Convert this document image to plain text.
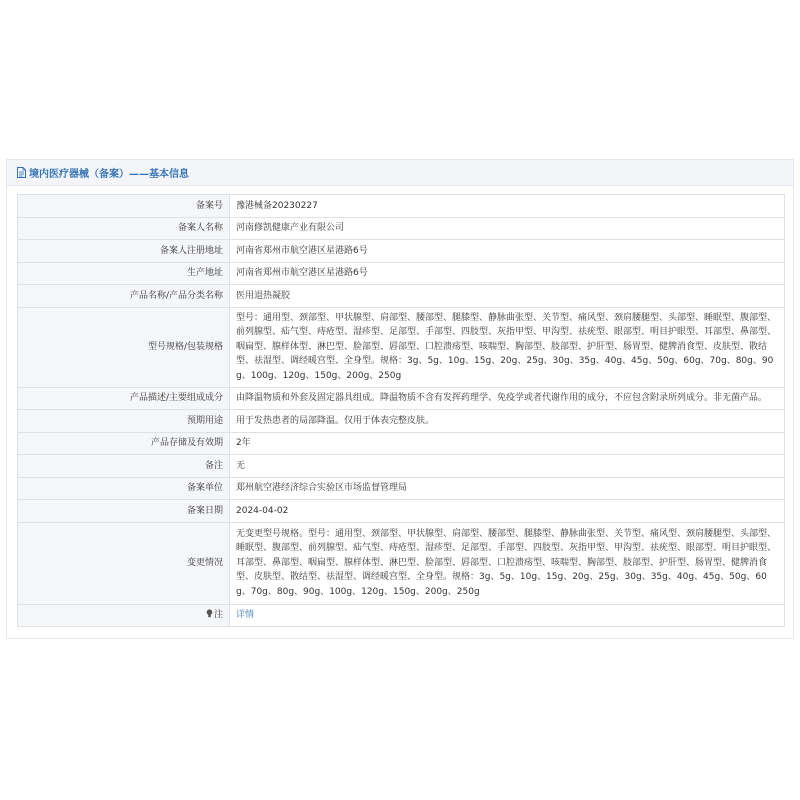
境内医疗器械（备案）——基本信息
备案号	豫港械备20230227
备案人名称	河南修凯健康产业有限公司
备案人注册地址	河南省郑州市航空港区星港路6号
生产地址	河南省郑州市航空港区星港路6号
产品名称/产品分类名称	医用退热凝胶
型号规格/包装规格	型号：通用型、颈部型、甲状腺型、肩部型、腰部型、腿膝型、静脉曲张型、关节型、痛风型、颈肩腰腿型、头部型、睡眠型、腹部型、前列腺型、疝气型、痔疮型、湿疹型、足部型、手部型、四肢型、灰指甲型、甲沟型、祛疣型、眼部型、明目护眼型、耳部型、鼻部型、咽扁型、腺样体型、淋巴型、脸部型、唇部型、口腔溃疡型、咳喘型、胸部型、肢部型、护肝型、肠胃型、健脾消食型、皮肤型、散结型、祛湿型、调经暖宫型、全身型。规格：3g、5g、10g、15g、20g、25g、30g、35g、40g、45g、50g、60g、70g、80g、90g、100g、120g、150g、200g、250g
产品描述/主要组成成分	由降温物质和外套及固定器具组成。降温物质不含有发挥药理学、免疫学或者代谢作用的成分，不应包含附录所列成分。非无菌产品。
预期用途	用于发热患者的局部降温。仅用于体表完整皮肤。
产品存储及有效期	2年
备注	无
备案单位	郑州航空港经济综合实验区市场监督管理局
备案日期	2024-04-02
变更情况	无变更型号规格。型号：通用型、颈部型、甲状腺型、肩部型、腰部型、腿膝型、静脉曲张型、关节型、痛风型、颈肩腰腿型、头部型、睡眠型、腹部型、前列腺型、疝气型、痔疮型、湿疹型、足部型、手部型、四肢型、灰指甲型、甲沟型、祛疣型、眼部型、明目护眼型、耳部型、鼻部型、咽扁型、腺样体型、淋巴型、脸部型、唇部型、口腔溃疡型、咳喘型、胸部型、肢部型、护肝型、肠胃型、健脾消食型、皮肤型、散结型、祛湿型、调经暖宫型、全身型。规格：3g、5g、10g、15g、20g、25g、30g、35g、40g、45g、50g、60g、70g、80g、90g、100g、120g、150g、200g、250g
注	详情
